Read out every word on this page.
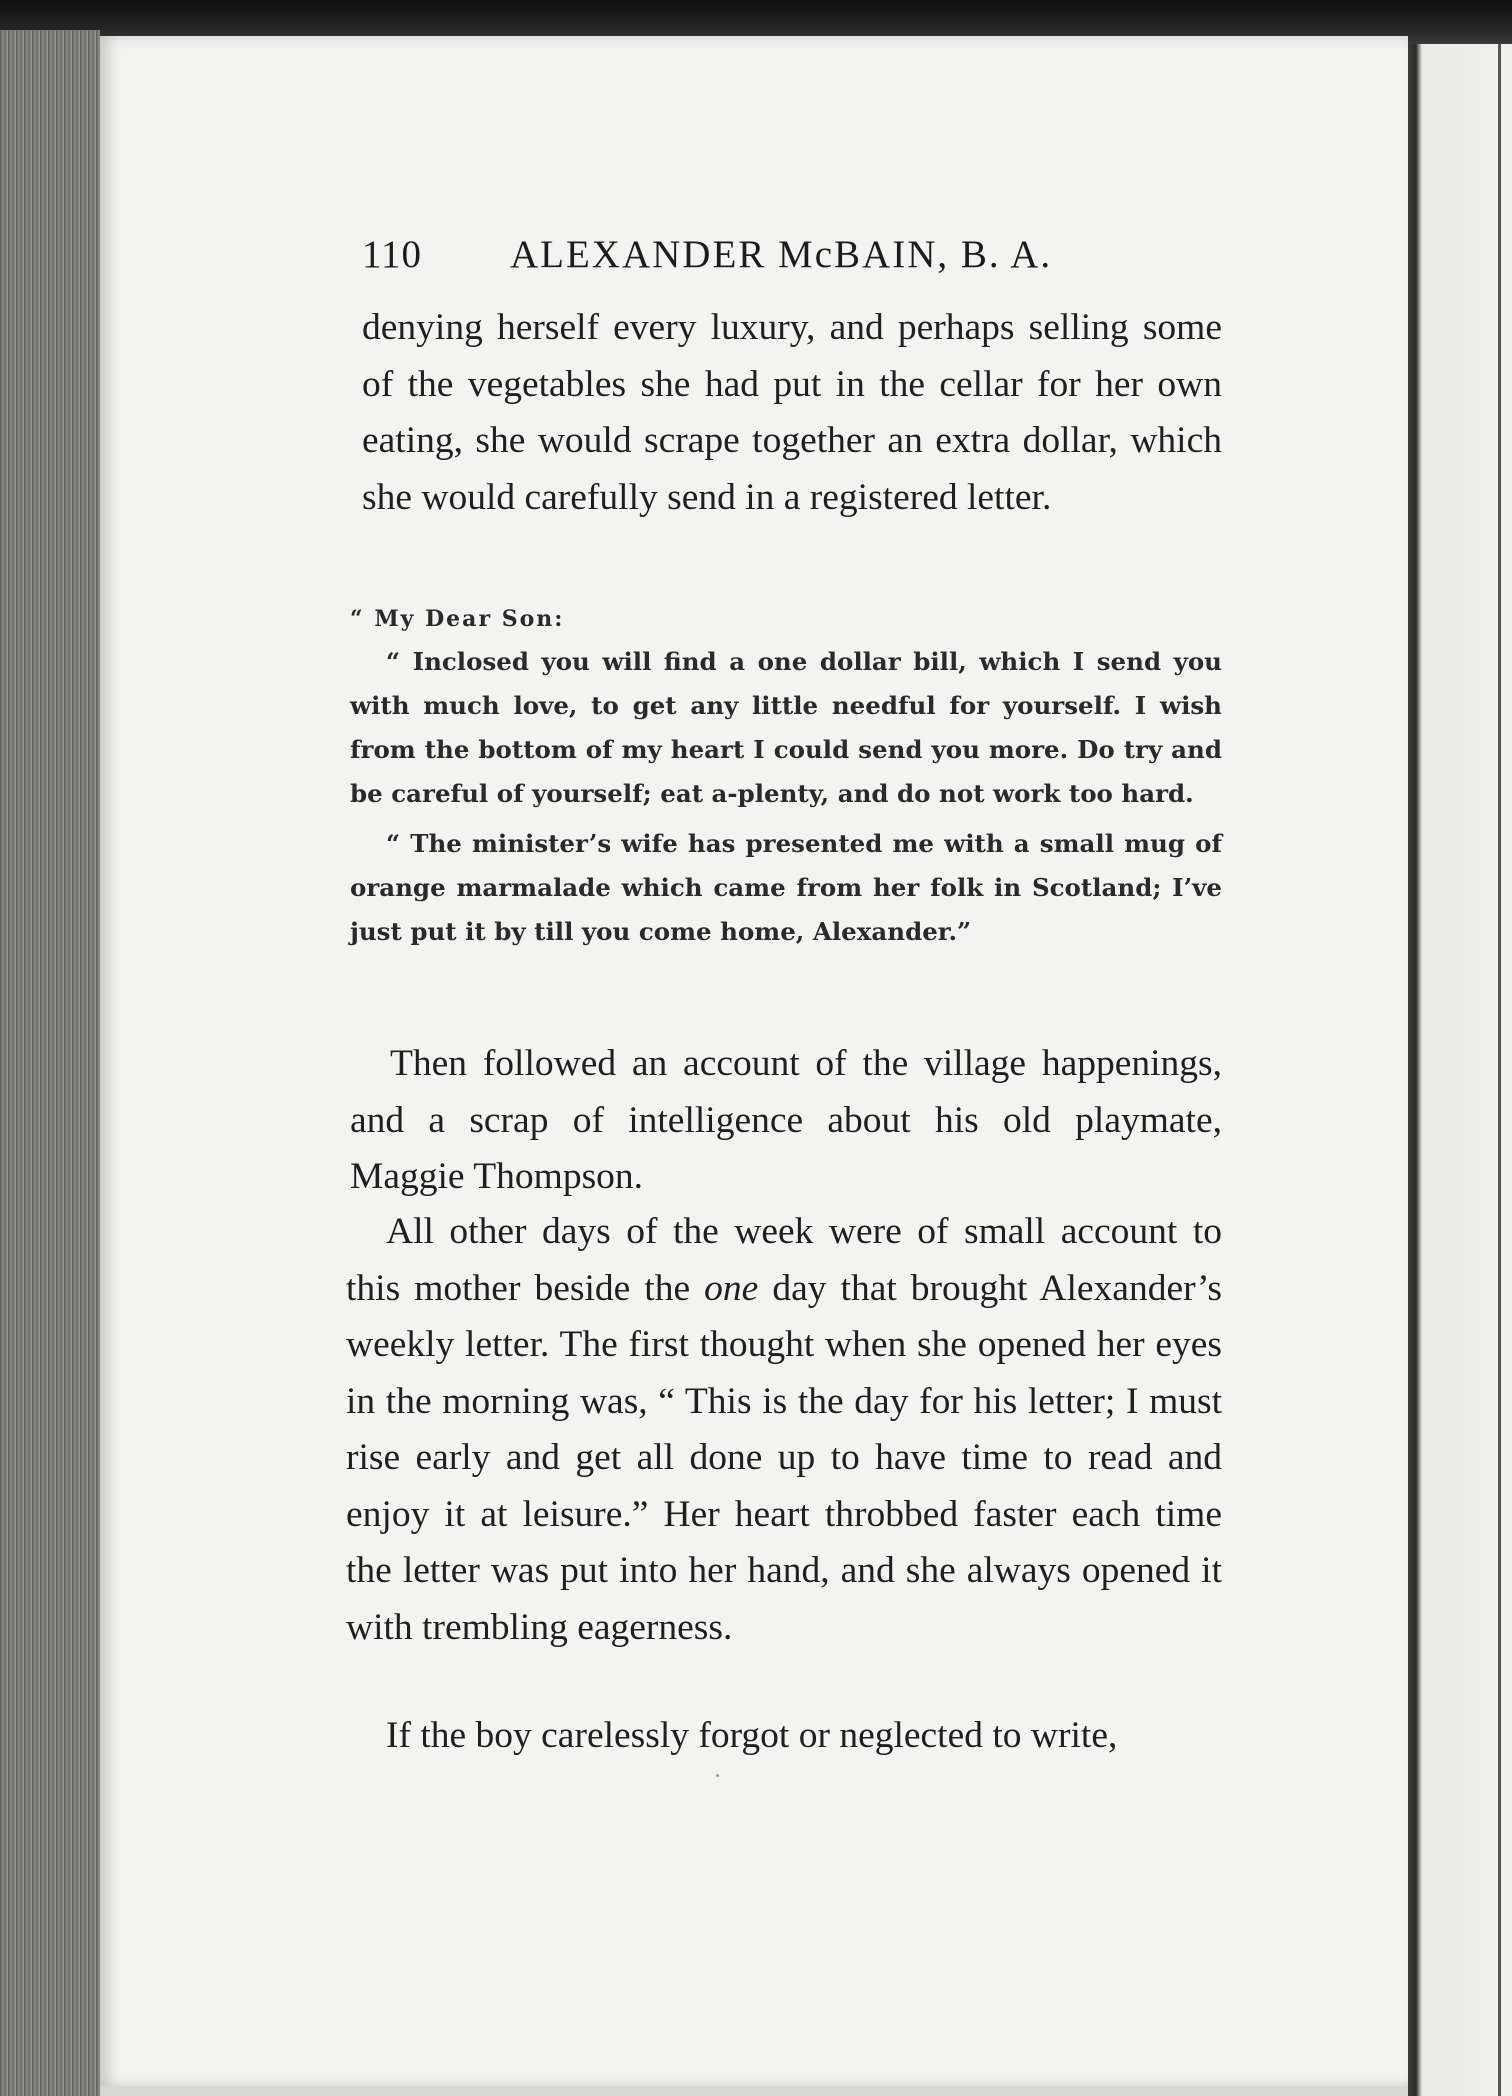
110 ALEXANDER McBAIN, B. A.

denying herself every luxury, and perhaps selling some of the vegetables she had put in the cellar for her own eating, she would scrape together an extra dollar, which she would carefully send in a registered letter.

“ My Dear Son:

“ Inclosed you will find a one dollar bill, which I send you with much love, to get any little needful for yourself. I wish from the bottom of my heart I could send you more. Do try and be careful of yourself; eat a-plenty, and do not work too hard.

“ The minister’s wife has presented me with a small mug of orange marmalade which came from her folk in Scotland; I’ve just put it by till you come home, Alexander.”

Then followed an account of the village happenings, and a scrap of intelligence about his old playmate, Maggie Thompson.

All other days of the week were of small account to this mother beside the one day that brought Alexander’s weekly letter. The first thought when she opened her eyes in the morning was, “ This is the day for his letter; I must rise early and get all done up to have time to read and enjoy it at leisure.” Her heart throbbed faster each time the letter was put into her hand, and she always opened it with trembling eagerness.

If the boy carelessly forgot or neglected to write,
